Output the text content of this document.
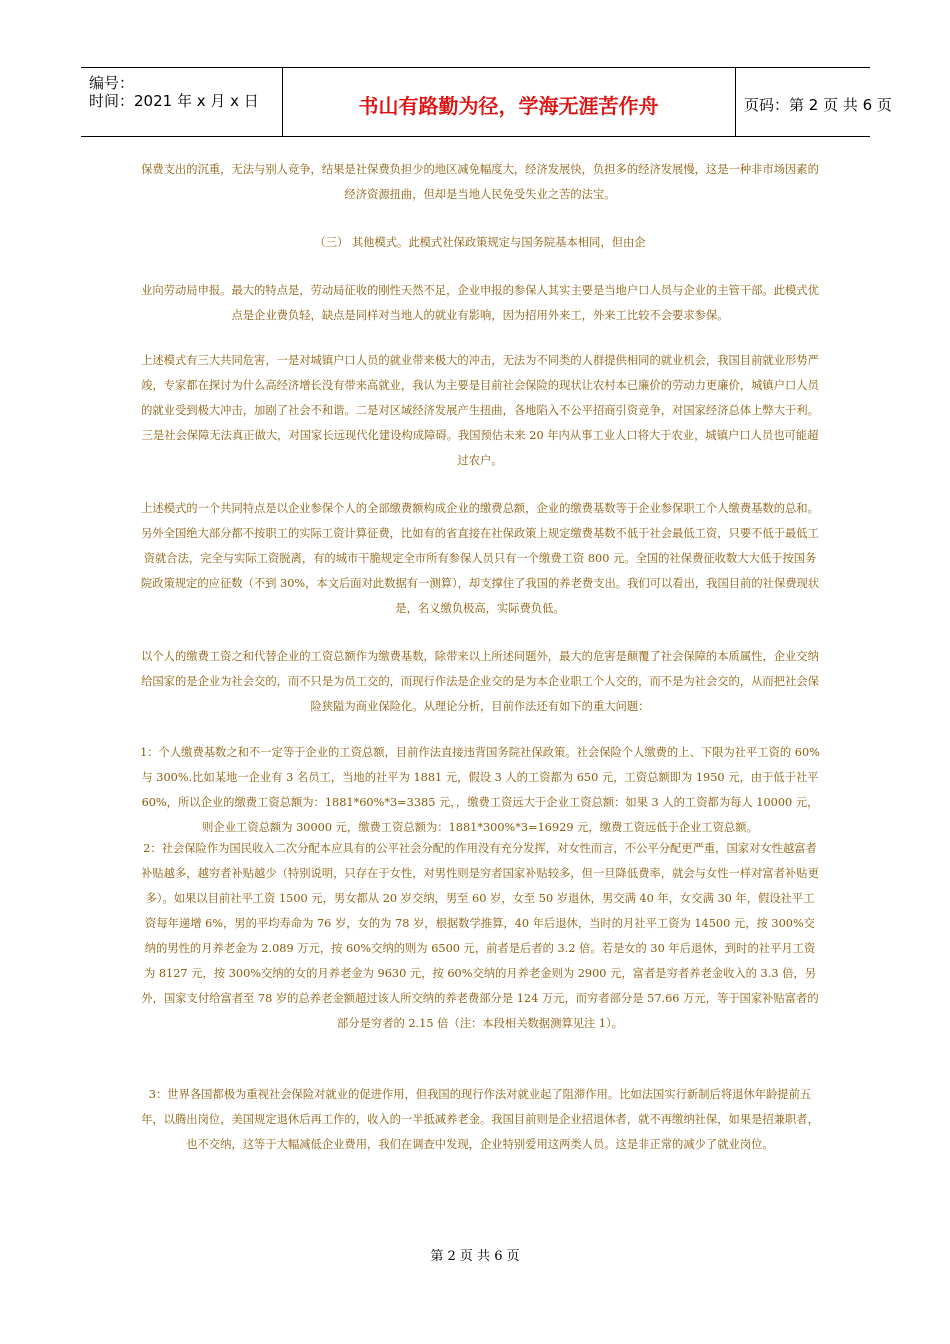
编号：
时间：2021 年 x 月 x 日	书山有路勤为径，学海无涯苦作舟	页码：第 2 页 共 6 页
保费支出的沉重，无法与别人竞争，结果是社保费负担少的地区减免幅度大，经济发展快，负担多的经济发展慢，这是一种非市场因素的经济资源扭曲，但却是当地人民免受失业之苦的法宝。
（三） 其他模式。此模式社保政策规定与国务院基本相同，但由企
业向劳动局申报。最大的特点是，劳动局征收的刚性天然不足，企业申报的参保人其实主要是当地户口人员与企业的主管干部。此模式优点是企业费负轻，缺点是同样对当地人的就业有影响，因为招用外来工，外来工比较不会要求参保。
上述模式有三大共同危害，一是对城镇户口人员的就业带来极大的冲击，无法为不同类的人群提供相同的就业机会，我国目前就业形势严竣，专家都在探讨为什么高经济增长没有带来高就业，我认为主要是目前社会保险的现状让农村本已廉价的劳动力更廉价，城镇户口人员的就业受到极大冲击，加剧了社会不和谐。二是对区域经济发展产生扭曲，各地陷入不公平招商引资竞争，对国家经济总体上弊大于利。三是社会保障无法真正做大，对国家长远现代化建设构成障碍。我国预估未来 20 年内从事工业人口将大于农业，城镇户口人员也可能超过农户。
上述模式的一个共同特点是以企业参保个人的全部缴费额构成企业的缴费总额，企业的缴费基数等于企业参保职工个人缴费基数的总和。另外全国绝大部分都不按职工的实际工资计算征费，比如有的省直接在社保政策上规定缴费基数不低于社会最低工资，只要不低于最低工资就合法，完全与实际工资脱离，有的城市干脆规定全市所有参保人员只有一个缴费工资 800 元。全国的社保费征收数大大低于按国务院政策规定的应征数（不到 30%，本文后面对此数据有一测算），却支撑住了我国的养老费支出。我们可以看出，我国目前的社保费现状是，名义缴负极高，实际费负低。
以个人的缴费工资之和代替企业的工资总额作为缴费基数，除带来以上所述问题外，最大的危害是颠覆了社会保障的本质属性，企业交纳给国家的是企业为社会交的，而不只是为员工交的，而现行作法是企业交的是为本企业职工个人交的，而不是为社会交的，从而把社会保险狭隘为商业保险化。从理论分析，目前作法还有如下的重大问题：
1：个人缴费基数之和不一定等于企业的工资总额，目前作法直接违背国务院社保政策。社会保险个人缴费的上、下限为社平工资的 60%与 300%.比如某地一企业有 3 名员工，当地的社平为 1881 元，假设 3 人的工资都为 650 元，工资总额即为 1950 元，由于低于社平 60%，所以企业的缴费工资总额为：1881*60%*3=3385 元，，缴费工资远大于企业工资总额：如果 3 人的工资都为每人 10000 元，则企业工资总额为 30000 元，缴费工资总额为：1881*300%*3=16929 元，缴费工资远低于企业工资总额。
2：社会保险作为国民收入二次分配本应具有的公平社会分配的作用没有充分发挥，对女性而言，不公平分配更严重，国家对女性越富者补贴越多，越穷者补贴越少（特别说明，只存在于女性，对男性则是穷者国家补贴较多，但一旦降低费率，就会与女性一样对富者补贴更多）。如果以目前社平工资 1500 元，男女都从 20 岁交纳，男至 60 岁，女至 50 岁退休，男交满 40 年，女交满 30 年，假设社平工资每年递增 6%，男的平均寿命为 76 岁，女的为 78 岁，根据数学推算，40 年后退休，当时的月社平工资为 14500 元，按 300%交纳的男性的月养老金为 2.089 万元，按 60%交纳的则为 6500 元，前者是后者的 3.2 倍。若是女的 30 年后退休，到时的社平月工资为 8127 元，按 300%交纳的女的月养老金为 9630 元，按 60%交纳的月养老金则为 2900 元，富者是穷者养老金收入的 3.3 倍，另外，国家支付给富者至 78 岁的总养老金额超过该人所交纳的养老费部分是 124 万元，而穷者部分是 57.66 万元，等于国家补贴富者的部分是穷者的 2.15 倍（注：本段相关数据测算见注 1）。
3：世界各国都极为重视社会保险对就业的促进作用，但我国的现行作法对就业起了阻滞作用。比如法国实行新制后将退休年龄提前五年，以腾出岗位，美国规定退休后再工作的，收入的一半抵减养老金。我国目前则是企业招退休者，就不再缴纳社保，如果是招兼职者，也不交纳，这等于大幅减低企业费用，我们在调查中发现，企业特别爱用这两类人员。这是非正常的减少了就业岗位。
第 2 页 共 6 页
